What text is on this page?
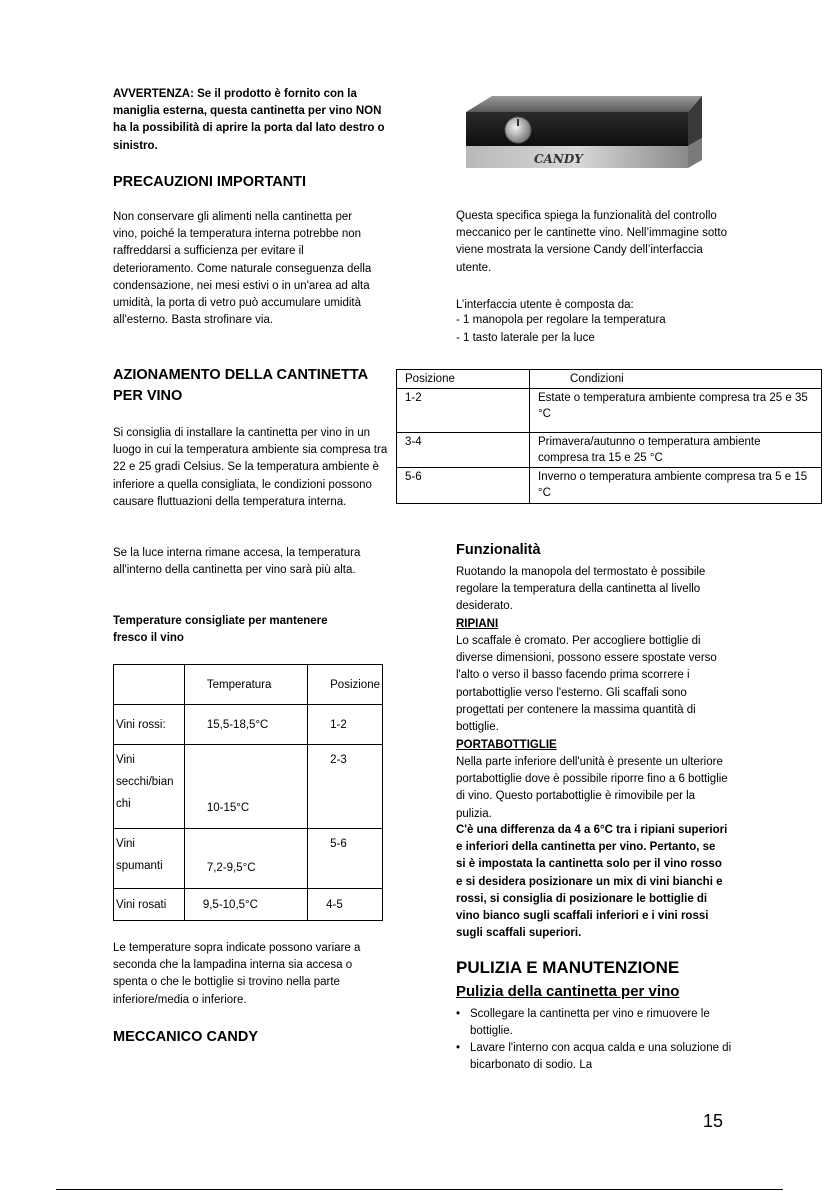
AVVERTENZA: Se il prodotto è fornito con la maniglia esterna, questa cantinetta per vino NON ha la possibilità di aprire la porta dal lato destro o sinistro.

PRECAUZIONI IMPORTANTI

Non conservare gli alimenti nella cantinetta per vino, poiché la temperatura interna potrebbe non raffreddarsi a sufficienza per evitare il deterioramento. Come naturale conseguenza della condensazione, nei mesi estivi o in un'area ad alta umidità, la porta di vetro può accumulare umidità all'esterno. Basta strofinare via.

AZIONAMENTO DELLA CANTINETTA PER VINO

Si consiglia di installare la cantinetta per vino in un luogo in cui la temperatura ambiente sia compresa tra 22 e 25 gradi Celsius. Se la temperatura ambiente è inferiore a quella consigliata, le condizioni possono causare fluttuazioni della temperatura interna.

Se la luce interna rimane accesa, la temperatura all'interno della cantinetta per vino sarà più alta.

Temperature consigliate per mantenere fresco il vino

	Temperatura	Posizione
Vini rossi:	15,5-18,5°C	1-2

Vini
secchi/bian
chi	10-15°C	2-3

Vini
spumanti	7,2-9,5°C	5-6
Vini rosati	9,5-10,5°C	4-5

Le temperature sopra indicate possono variare a seconda che la lampadina interna sia accesa o spenta o che le bottiglie si trovino nella parte inferiore/media o inferiore.

MECCANICO CANDY
CANDY

Questa specifica spiega la funzionalità del controllo meccanico per le cantinette vino. Nell’immagine sotto viene mostrata la versione Candy dell’interfaccia utente.

L’interfaccia utente è composta da:

- 1 manopola per regolare la temperatura

- 1 tasto laterale per la luce

Posizione	Condizioni
1-2	Estate o temperatura ambiente compresa tra 25 e 35 °C
3-4	Primavera/autunno o temperatura ambiente compresa tra 15 e 25 °C
5-6	Inverno o temperatura ambiente compresa tra 5 e 15 °C
Funzionalità

Ruotando la manopola del termostato è possibile regolare la temperatura della cantinetta al livello desiderato.

RIPIANI

Lo scaffale è cromato. Per accogliere bottiglie di diverse dimensioni, possono essere spostate verso l'alto o verso il basso facendo prima scorrere i portabottiglie verso l'esterno. Gli scaffali sono progettati per contenere la massima quantità di bottiglie.

PORTABOTTIGLIE

Nella parte inferiore dell'unità è presente un ulteriore portabottiglie dove è possibile riporre fino a 6 bottiglie di vino. Questo portabottiglie è rimovibile per la pulizia.

C'è una differenza da 4 a 6°C tra i ripiani superiori e inferiori della cantinetta per vino. Pertanto, se si è impostata la cantinetta solo per il vino rosso e si desidera posizionare un mix di vini bianchi e rossi, si consiglia di posizionare le bottiglie di vino bianco sugli scaffali inferiori e i vini rossi sugli scaffali superiori.

PULIZIA E MANUTENZIONE
Pulizia della cantinetta per vino
• Scollegare la cantinetta per vino e rimuovere le bottiglie.
• Lavare l'interno con acqua calda e una soluzione di bicarbonato di sodio. La
15
